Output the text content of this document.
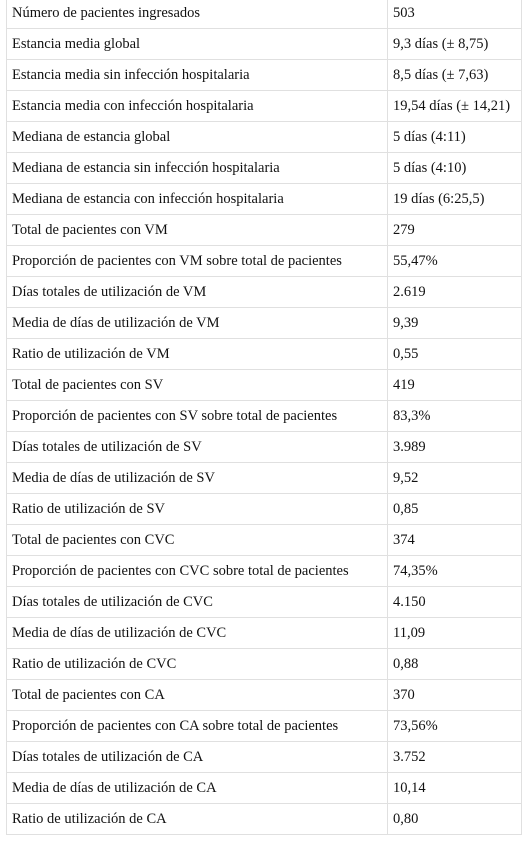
Número de pacientes ingresados	503
Estancia media global	9,3 días (± 8,75)
Estancia media sin infección hospitalaria	8,5 días (± 7,63)
Estancia media con infección hospitalaria	19,54 días (± 14,21)
Mediana de estancia global	5 días (4:11)
Mediana de estancia sin infección hospitalaria	5 días (4:10)
Mediana de estancia con infección hospitalaria	19 días (6:25,5)
Total de pacientes con VM	279
Proporción de pacientes con VM sobre total de pacientes	55,47%
Días totales de utilización de VM	2.619
Media de días de utilización de VM	9,39
Ratio de utilización de VM	0,55
Total de pacientes con SV	419
Proporción de pacientes con SV sobre total de pacientes	83,3%
Días totales de utilización de SV	3.989
Media de días de utilización de SV	9,52
Ratio de utilización de SV	0,85
Total de pacientes con CVC	374
Proporción de pacientes con CVC sobre total de pacientes	74,35%
Días totales de utilización de CVC	4.150
Media de días de utilización de CVC	11,09
Ratio de utilización de CVC	0,88
Total de pacientes con CA	370
Proporción de pacientes con CA sobre total de pacientes	73,56%
Días totales de utilización de CA	3.752
Media de días de utilización de CA	10,14
Ratio de utilización de CA	0,80
